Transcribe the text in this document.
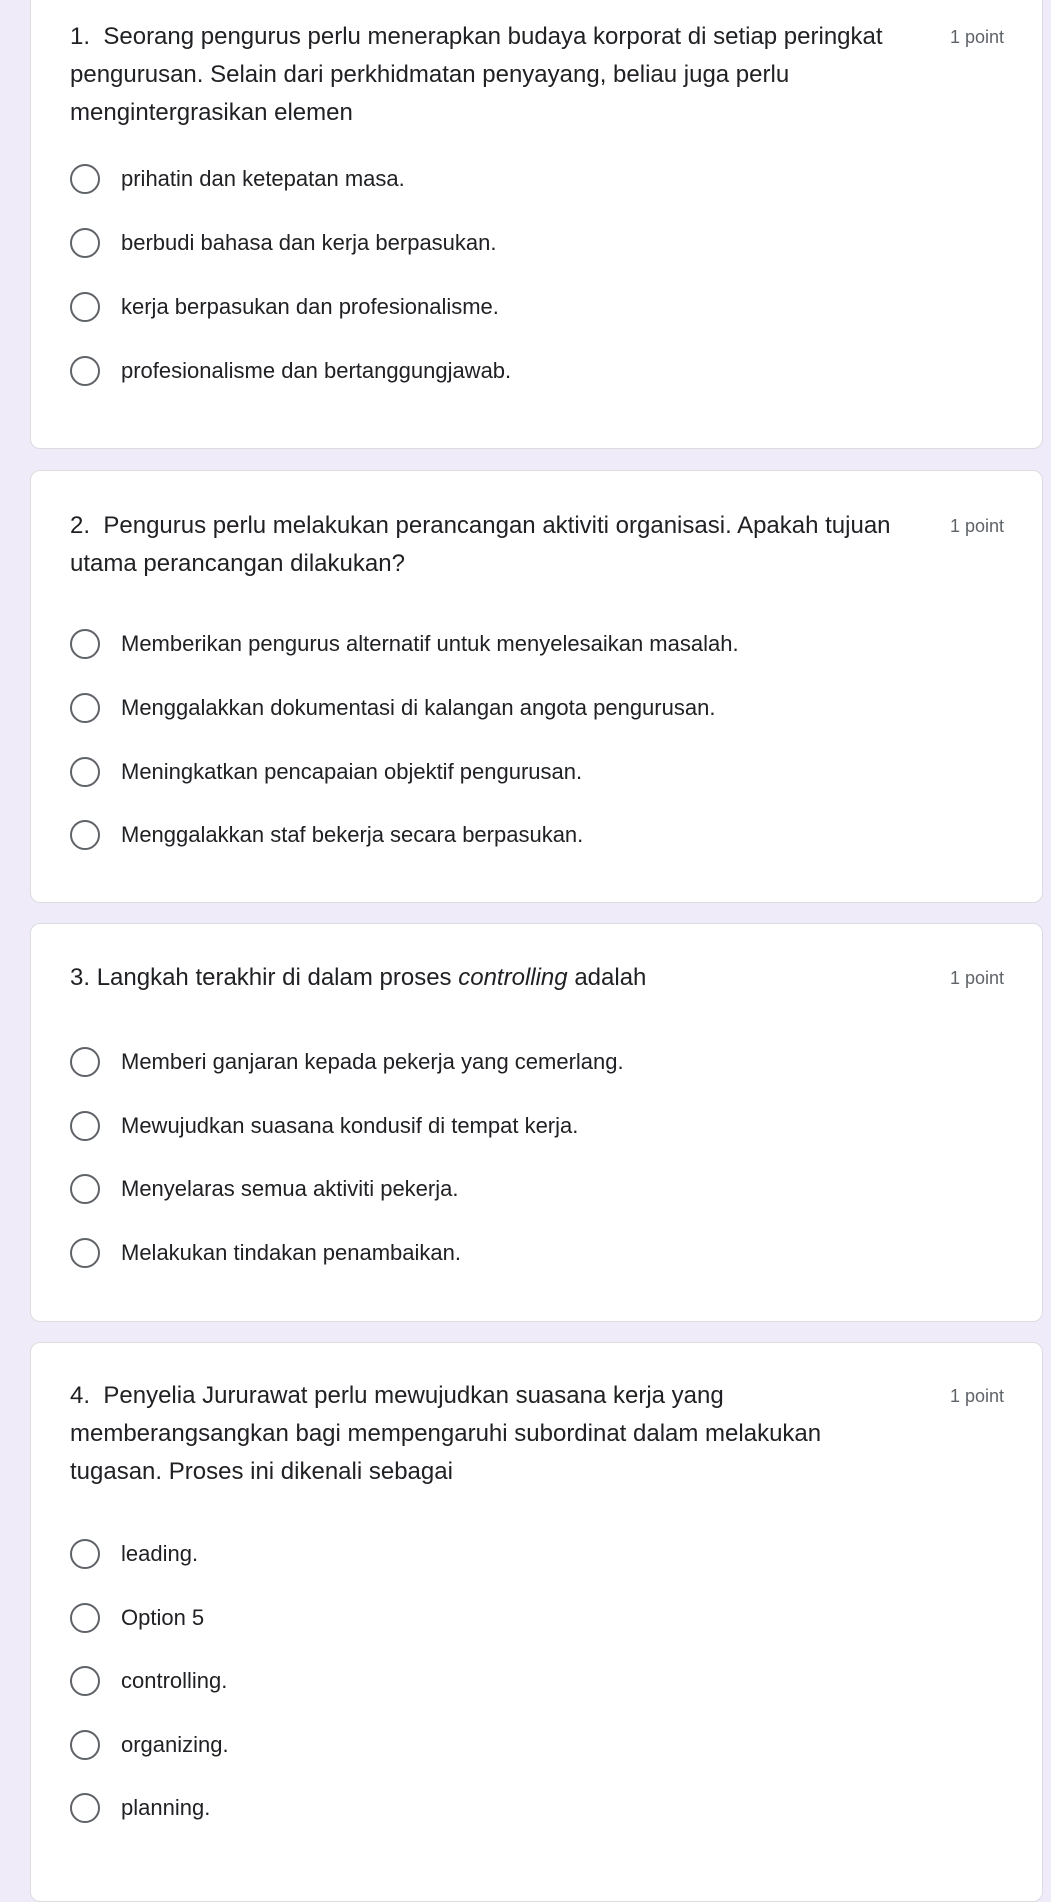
1. Seorang pengurus perlu menerapkan budaya korporat di setiap peringkat pengurusan. Selain dari perkhidmatan penyayang, beliau juga perlu mengintergrasikan elemen
1 point
prihatin dan ketepatan masa.
berbudi bahasa dan kerja berpasukan.
kerja berpasukan dan profesionalisme.
profesionalisme dan bertanggungjawab.
2. Pengurus perlu melakukan perancangan aktiviti organisasi. Apakah tujuan utama perancangan dilakukan?
1 point
Memberikan pengurus alternatif untuk menyelesaikan masalah.
Menggalakkan dokumentasi di kalangan angota pengurusan.
Meningkatkan pencapaian objektif pengurusan.
Menggalakkan staf bekerja secara berpasukan.
3. Langkah terakhir di dalam proses controlling adalah	1 point
Memberi ganjaran kepada pekerja yang cemerlang.
Mewujudkan suasana kondusif di tempat kerja.
Menyelaras semua aktiviti pekerja.
Melakukan tindakan penambaikan.
4. Penyelia Jururawat perlu mewujudkan suasana kerja yang memberangsangkan bagi mempengaruhi subordinat dalam melakukan tugasan. Proses ini dikenali sebagai
1 point
leading.
Option 5
controlling.
organizing.
planning.
